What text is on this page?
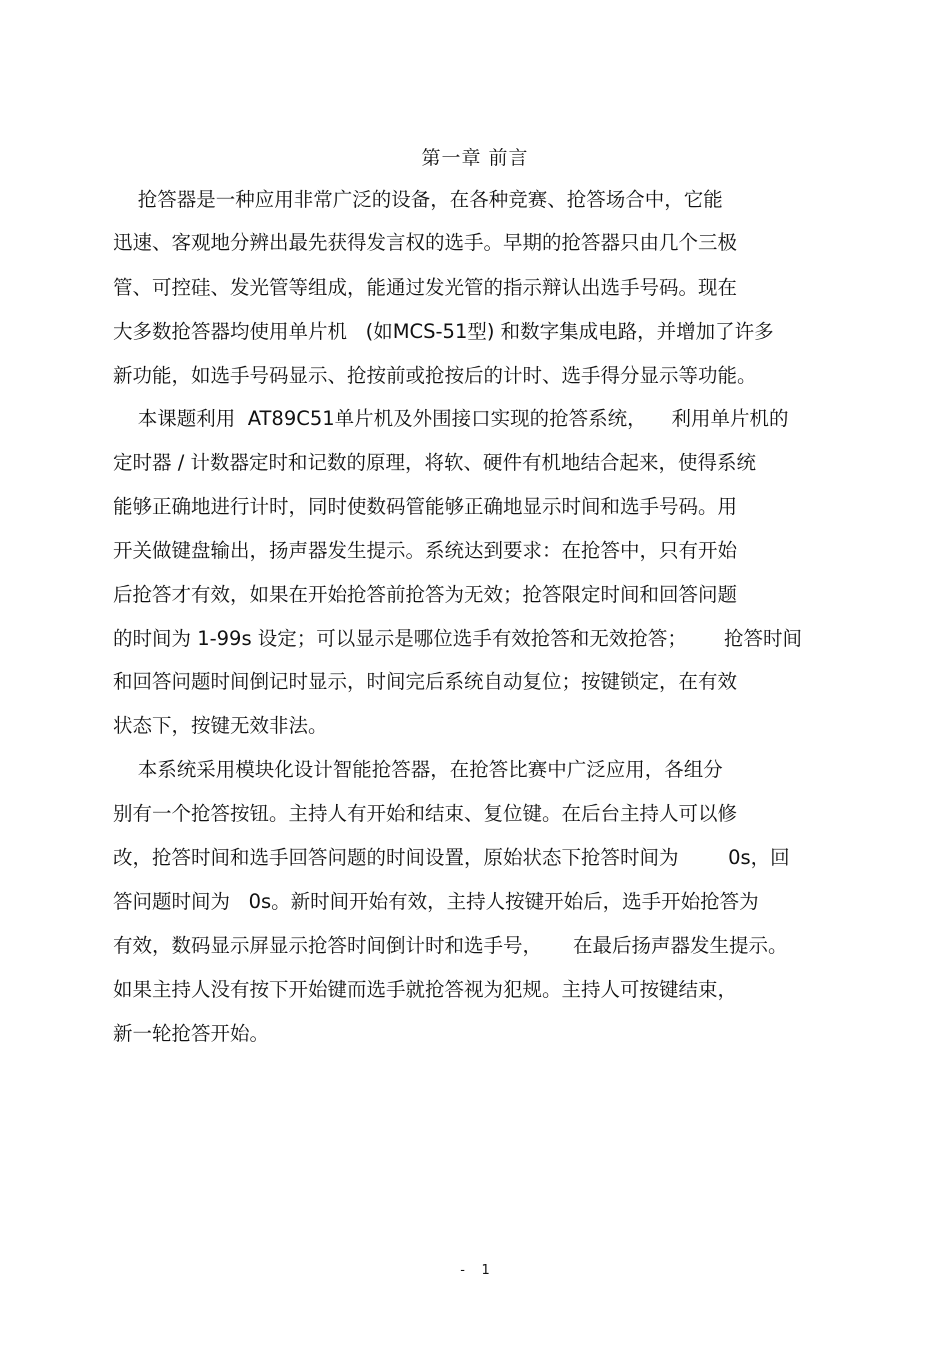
第一章 前言

抢答器是一种应用非常广泛的设备，在各种竞赛、抢答场合中，它能

迅速、客观地分辨出最先获得发言权的选手。早期的抢答器只由几个三极

管、可控硅、发光管等组成，能通过发光管的指示辩认出选手号码。现在

大多数抢答器均使用单片机   (如MCS-51型) 和数字集成电路，并增加了许多

新功能，如选手号码显示、抢按前或抢按后的计时、选手得分显示等功能。

本课题利用  AT89C51单片机及外围接口实现的抢答系统，    利用单片机的

定时器 / 计数器定时和记数的原理，将软、硬件有机地结合起来，使得系统

能够正确地进行计时，同时使数码管能够正确地显示时间和选手号码。用

开关做键盘输出，扬声器发生提示。系统达到要求：在抢答中，只有开始

后抢答才有效，如果在开始抢答前抢答为无效；抢答限定时间和回答问题

的时间为 1-99s 设定；可以显示是哪位选手有效抢答和无效抢答；      抢答时间

和回答问题时间倒记时显示，时间完后系统自动复位；按键锁定，在有效

状态下，按键无效非法。

本系统采用模块化设计智能抢答器，在抢答比赛中广泛应用，各组分

别有一个抢答按钮。主持人有开始和结束、复位键。在后台主持人可以修

改，抢答时间和选手回答问题的时间设置，原始状态下抢答时间为        0s，回

答问题时间为   0s。新时间开始有效，主持人按键开始后，选手开始抢答为

有效，数码显示屏显示抢答时间倒计时和选手号，     在最后扬声器发生提示。

如果主持人没有按下开始键而选手就抢答视为犯规。主持人可按键结束，

新一轮抢答开始。

-    1
